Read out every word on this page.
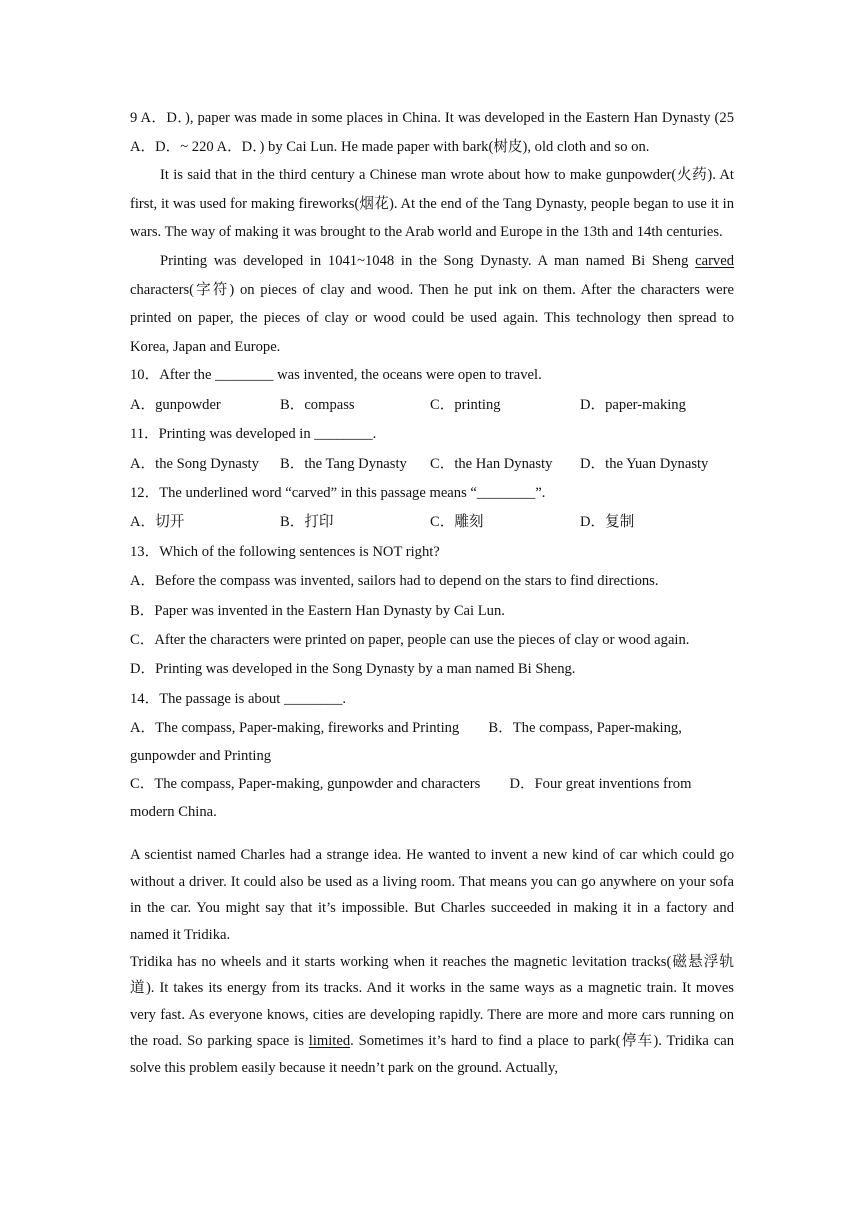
9 A．D．), paper was made in some places in China. It was developed in the Eastern Han Dynasty (25 A．D．~ 220 A．D．) by Cai Lun. He made paper with bark(树皮), old cloth and so on.

It is said that in the third century a Chinese man wrote about how to make gunpowder(火药). At first, it was used for making fireworks(烟花). At the end of the Tang Dynasty, people began to use it in wars. The way of making it was brought to the Arab world and Europe in the 13th and 14th centuries.

Printing was developed in 1041~1048 in the Song Dynasty. A man named Bi Sheng carved characters(字符) on pieces of clay and wood. Then he put ink on them. After the characters were printed on paper, the pieces of clay or wood could be used again. This technology then spread to Korea, Japan and Europe.

10．After the ________ was invented, the oceans were open to travel.

A．gunpowder	B．compass	C．printing	D．paper-making

11．Printing was developed in ________.

A．the Song Dynasty	B．the Tang Dynasty	C．the Han Dynasty	D．the Yuan Dynasty

12．The underlined word “carved” in this passage means “________”.

A．切开	B．打印	C．雕刻	D．复制

13．Which of the following sentences is NOT right?

A．Before the compass was invented, sailors had to depend on the stars to find directions.

B．Paper was invented in the Eastern Han Dynasty by Cai Lun.

C．After the characters were printed on paper, people can use the pieces of clay or wood again.

D．Printing was developed in the Song Dynasty by a man named Bi Sheng.

14．The passage is about ________.

A．The compass, Paper-making, fireworks and Printing　　B．The compass, Paper-making, gunpowder and Printing

C．The compass, Paper-making, gunpowder and characters　　D．Four great inventions from modern China.

A scientist named Charles had a strange idea. He wanted to invent a new kind of car which could go without a driver. It could also be used as a living room. That means you can go anywhere on your sofa in the car. You might say that it’s impossible. But Charles succeeded in making it in a factory and named it Tridika.

Tridika has no wheels and it starts working when it reaches the magnetic levitation tracks(磁悬浮轨道). It takes its energy from its tracks. And it works in the same ways as a magnetic train. It moves very fast. As everyone knows, cities are developing rapidly. There are more and more cars running on the road. So parking space is limited. Sometimes it’s hard to find a place to park(停车). Tridika can solve this problem easily because it needn’t park on the ground. Actually,
